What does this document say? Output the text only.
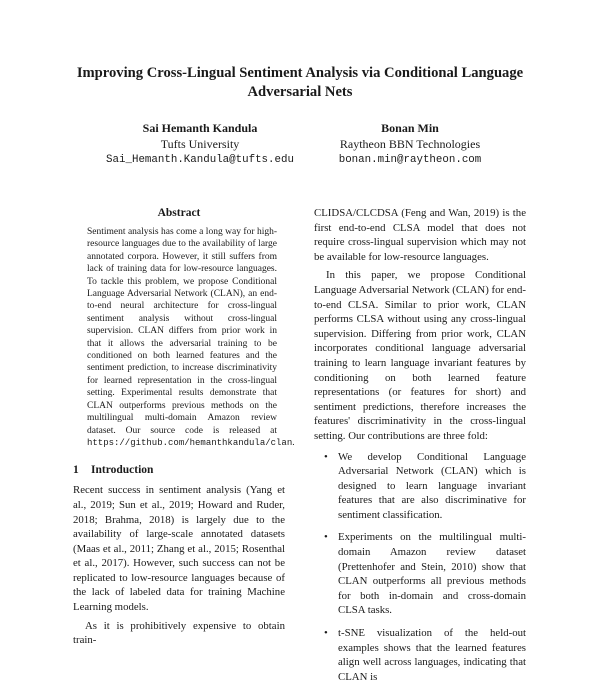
Improving Cross-Lingual Sentiment Analysis via Conditional Language
Adversarial Nets
Sai Hemanth Kandula
Tufts University
Sai_Hemanth.Kandula@tufts.edu
Bonan Min
Raytheon BBN Technologies
bonan.min@raytheon.com
Abstract

Sentiment analysis has come a long way for high-resource languages due to the availability of large annotated corpora. However, it still suffers from lack of training data for low-resource languages. To tackle this problem, we propose Conditional Language Adversarial Network (CLAN), an end-to-end neural architecture for cross-lingual sentiment analysis without cross-lingual supervision. CLAN differs from prior work in that it allows the adversarial training to be conditioned on both learned features and the sentiment prediction, to increase discriminativity for learned representation in the cross-lingual setting. Experimental results demonstrate that CLAN outperforms previous methods on the multilingual multi-domain Amazon review dataset. Our source code is released at https://github.com/hemanthkandula/clan.

1 Introduction

Recent success in sentiment analysis (Yang et al., 2019; Sun et al., 2019; Howard and Ruder, 2018; Brahma, 2018) is largely due to the availability of large-scale annotated datasets (Maas et al., 2011; Zhang et al., 2015; Rosenthal et al., 2017). However, such success can not be replicated to low-resource languages because of the lack of labeled data for training Machine Learning models.

As it is prohibitively expensive to obtain train-

CLIDSA/CLCDSA (Feng and Wan, 2019) is the first end-to-end CLSA model that does not require cross-lingual supervision which may not be available for low-resource languages.

In this paper, we propose Conditional Language Adversarial Network (CLAN) for end-to-end CLSA. Similar to prior work, CLAN performs CLSA without using any cross-lingual supervision. Differing from prior work, CLAN incorporates conditional language adversarial training to learn language invariant features by conditioning on both learned feature representations (or features for short) and sentiment predictions, therefore increases the features' discriminativity in the cross-lingual setting. Our contributions are three fold:

• We develop Conditional Language Adversarial Network (CLAN) which is designed to learn language invariant features that are also discriminative for sentiment classification.
• Experiments on the multilingual multi-domain Amazon review dataset (Prettenhofer and Stein, 2010) show that CLAN outperforms all previous methods for both in-domain and cross-domain CLSA tasks.
• t-SNE visualization of the held-out examples shows that the learned features align well across languages, indicating that CLAN is
